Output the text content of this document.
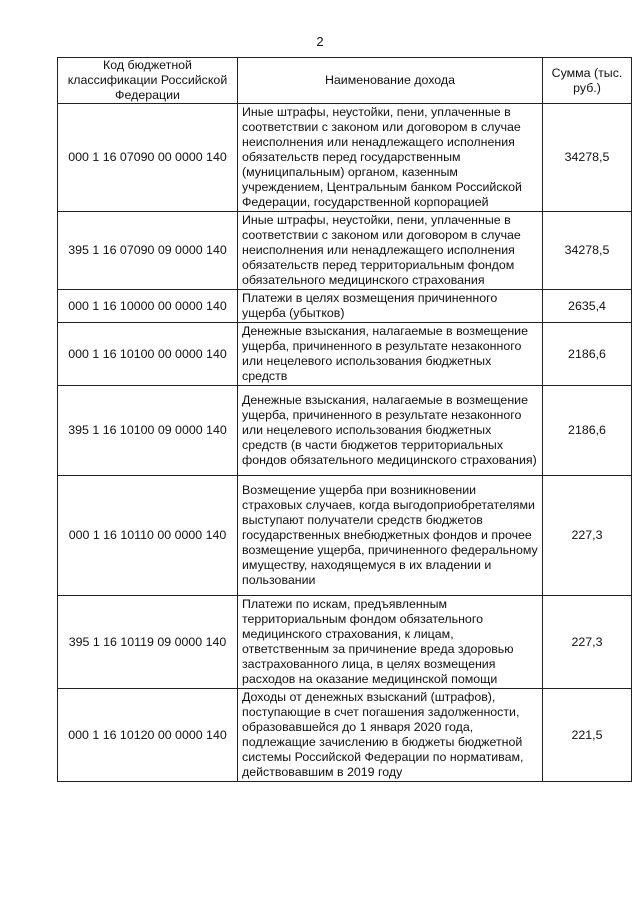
2
Код бюджетной классификации Российской Федерации	Наименование дохода	Сумма (тыс. руб.)
000 1 16 07090 00 0000 140	Иные штрафы, неустойки, пени, уплаченные в соответствии с законом или договором в случае неисполнения или ненадлежащего исполнения обязательств перед государственным (муниципальным) органом, казенным учреждением, Центральным банком Российской Федерации, государственной корпорацией	34278,5
395 1 16 07090 09 0000 140	Иные штрафы, неустойки, пени, уплаченные в соответствии с законом или договором в случае неисполнения или ненадлежащего исполнения обязательств перед территориальным фондом обязательного медицинского страхования	34278,5
000 1 16 10000 00 0000 140	Платежи в целях возмещения причиненного ущерба (убытков)	2635,4
000 1 16 10100 00 0000 140	Денежные взыскания, налагаемые в возмещение ущерба, причиненного в результате незаконного или нецелевого использования бюджетных средств	2186,6
395 1 16 10100 09 0000 140	Денежные взыскания, налагаемые в возмещение ущерба, причиненного в результате незаконного или нецелевого использования бюджетных средств (в части бюджетов территориальных фондов обязательного медицинского страхования)	2186,6
000 1 16 10110 00 0000 140	Возмещение ущерба при возникновении страховых случаев, когда выгодоприобретателями выступают получатели средств бюджетов государственных внебюджетных фондов и прочее возмещение ущерба, причиненного федеральному имуществу, находящемуся в их владении и пользовании	227,3
395 1 16 10119 09 0000 140	Платежи по искам, предъявленным территориальным фондом обязательного медицинского страхования, к лицам, ответственным за причинение вреда здоровью застрахованного лица, в целях возмещения расходов на оказание медицинской помощи	227,3
000 1 16 10120 00 0000 140	Доходы от денежных взысканий (штрафов), поступающие в счет погашения задолженности, образовавшейся до 1 января 2020 года, подлежащие зачислению в бюджеты бюджетной системы Российской Федерации по нормативам, действовавшим в 2019 году	221,5
